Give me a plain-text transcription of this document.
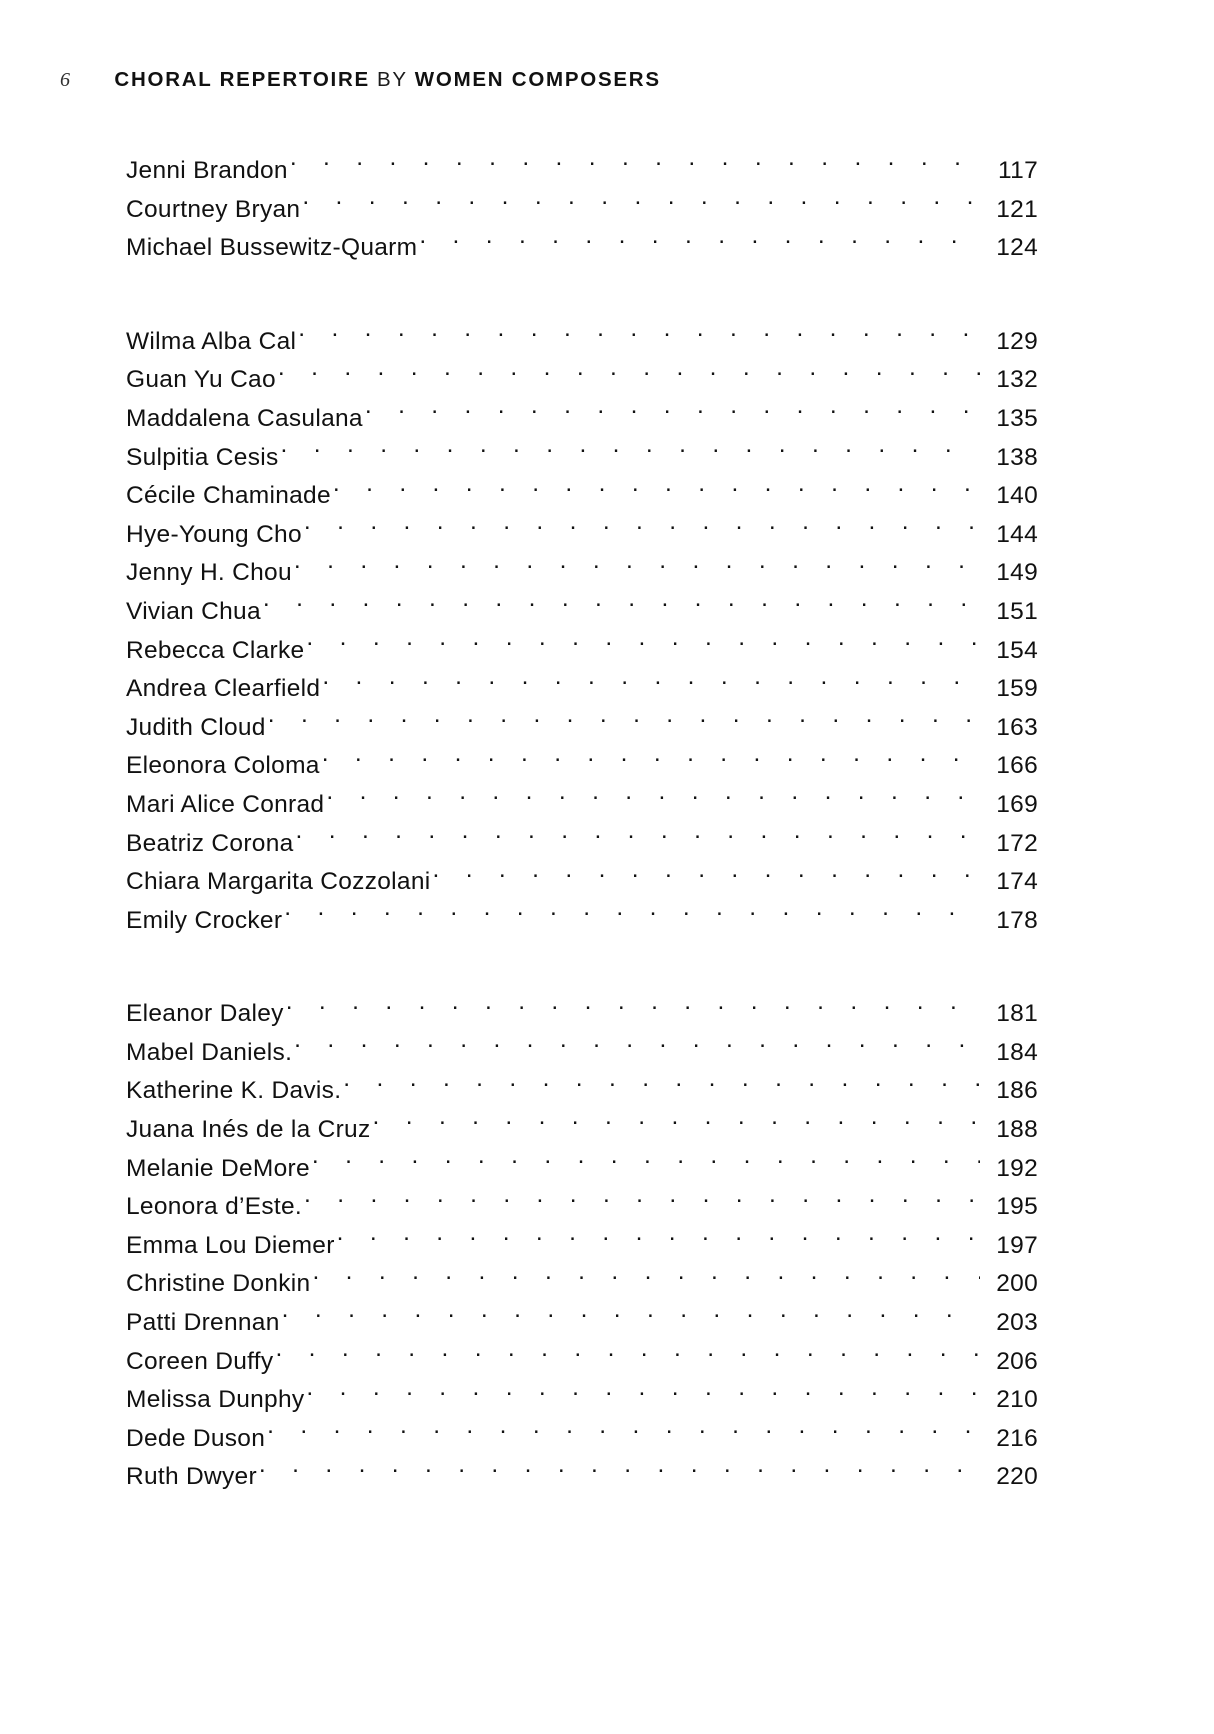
6 CHORAL REPERTOIRE BY WOMEN COMPOSERS
Jenni Brandon . . .	117
Courtney Bryan . . .	121
Michael Bussewitz-Quarm . . .	124
Wilma Alba Cal . . .	129
Guan Yu Cao . . .	132
Maddalena Casulana . . .	135
Sulpitia Cesis . . .	138
Cécile Chaminade . . .	140
Hye-Young Cho . . .	144
Jenny H. Chou . . .	149
Vivian Chua . . .	151
Rebecca Clarke . . .	154
Andrea Clearfield . . .	159
Judith Cloud . . .	163
Eleonora Coloma . . .	166
Mari Alice Conrad . . .	169
Beatriz Corona . . .	172
Chiara Margarita Cozzolani . . .	174
Emily Crocker . . .	178
Eleanor Daley . . .	181
Mabel Daniels. . . .	184
Katherine K. Davis. . . .	186
Juana Inés de la Cruz . . .	188
Melanie DeMore . . .	192
Leonora d’Este. . . .	195
Emma Lou Diemer . . .	197
Christine Donkin . . .	200
Patti Drennan . . .	203
Coreen Duffy . . .	206
Melissa Dunphy . . .	210
Dede Duson . . .	216
Ruth Dwyer . . .	220
